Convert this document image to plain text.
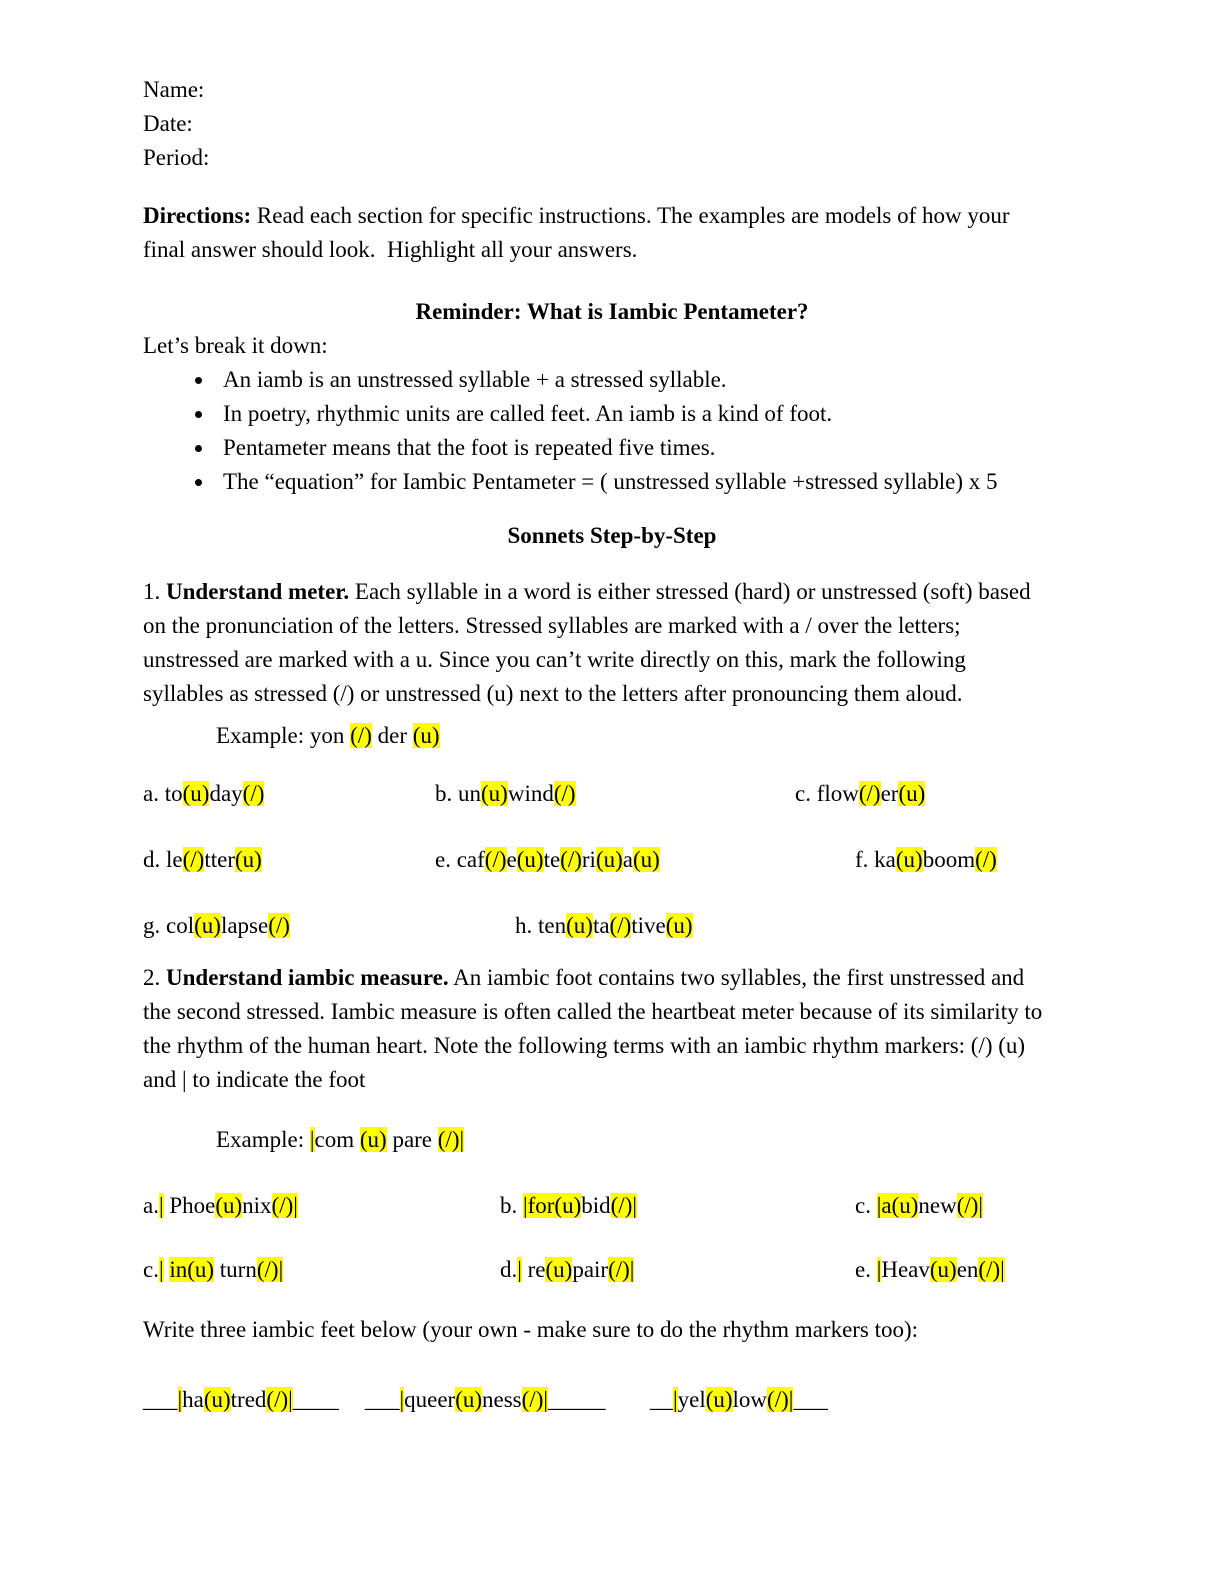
Name:
Date:
Period:
Directions: Read each section for specific instructions. The examples are models of how your final answer should look.  Highlight all your answers.
Reminder: What is Iambic Pentameter?
Let’s break it down:
• An iamb is an unstressed syllable + a stressed syllable.
• In poetry, rhythmic units are called feet. An iamb is a kind of foot.
• Pentameter means that the foot is repeated five times.
• The “equation” for Iambic Pentameter = ( unstressed syllable +stressed syllable) x 5
Sonnets Step-by-Step
1. Understand meter. Each syllable in a word is either stressed (hard) or unstressed (soft) based on the pronunciation of the letters. Stressed syllables are marked with a / over the letters; unstressed are marked with a u. Since you can’t write directly on this, mark the following syllables as stressed (/) or unstressed (u) next to the letters after pronouncing them aloud.
Example: yon (/) der (u)
a. to(u)day(/)	b. un(u)wind(/)	c. flow(/)er(u)
d. le(/)tter(u)	e. caf(/)e(u)te(/)ri(u)a(u)	f. ka(u)boom(/)
g. col(u)lapse(/)	h. ten(u)ta(/)tive(u)
2. Understand iambic measure. An iambic foot contains two syllables, the first unstressed and the second stressed. Iambic measure is often called the heartbeat meter because of its similarity to the rhythm of the human heart. Note the following terms with an iambic rhythm markers: (/) (u) and | to indicate the foot
Example: |com (u) pare (/)|
a.| Phoe(u)nix(/)|	b. |for(u)bid(/)|	c. |a(u)new(/)|
c.| in(u) turn(/)|	d.| re(u)pair(/)|	e. |Heav(u)en(/)|
Write three iambic feet below (your own - make sure to do the rhythm markers too):
___|ha(u)tred(/)|____ ___|queer(u)ness(/)|_____ __|yel(u)low(/)|___
